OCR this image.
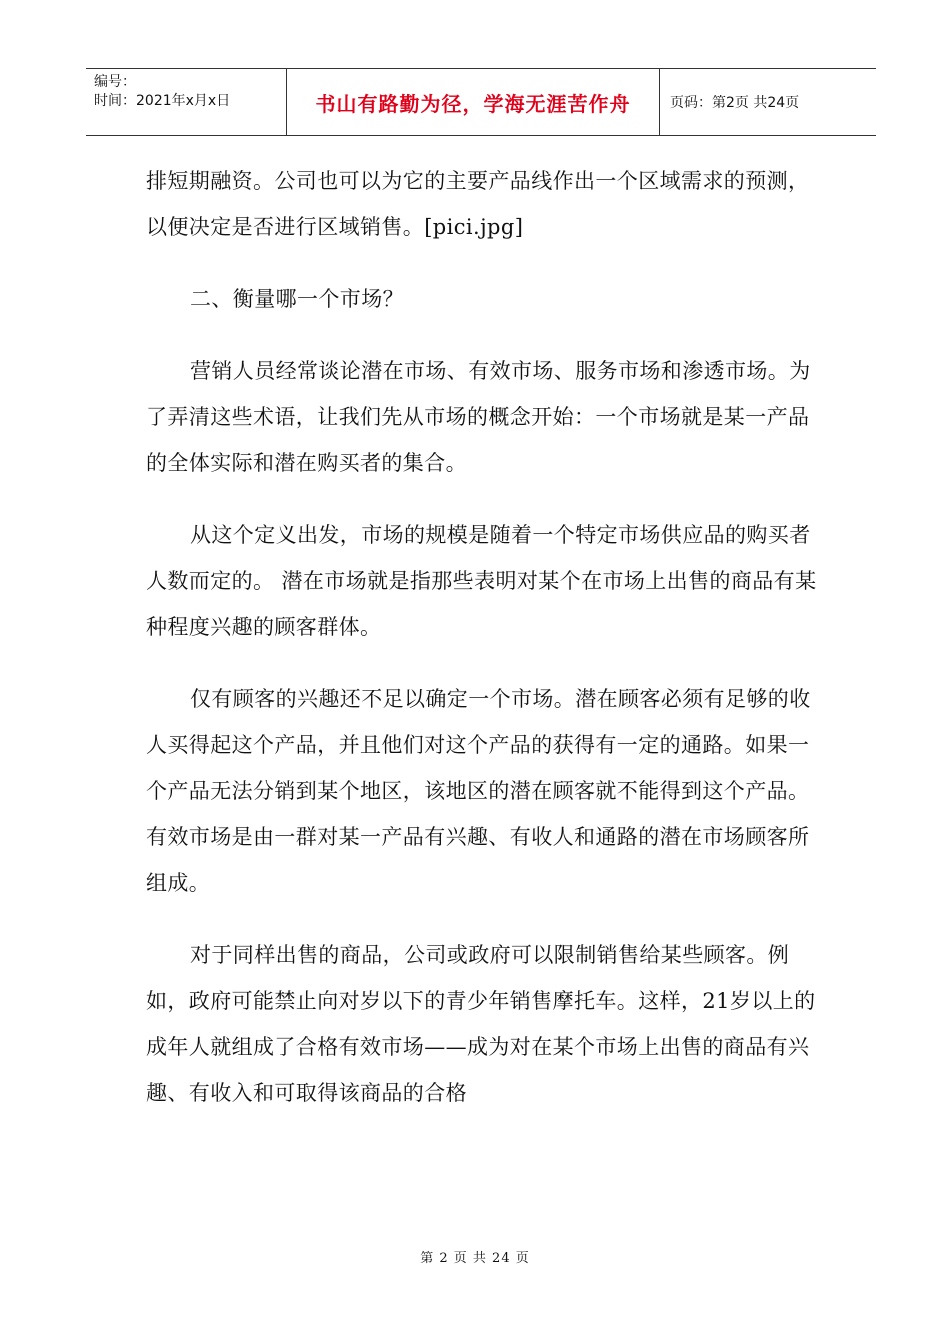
编号：
时间：2021年x月x日	书山有路勤为径，学海无涯苦作舟	页码：第2页 共24页

排短期融资。公司也可以为它的主要产品线作出一个区域需求的预测，以便决定是否进行区域销售。[pici.jpg]

二、衡量哪一个市场？

营销人员经常谈论潜在市场、有效市场、服务市场和渗透市场。为了弄清这些术语，让我们先从市场的概念开始：一个市场就是某一产品的全体实际和潜在购买者的集合。

从这个定义出发，市场的规模是随着一个特定市场供应品的购买者人数而定的。 潜在市场就是指那些表明对某个在市场上出售的商品有某种程度兴趣的顾客群体。

仅有顾客的兴趣还不足以确定一个市场。潜在顾客必须有足够的收人买得起这个产品，并且他们对这个产品的获得有一定的通路。如果一个产品无法分销到某个地区，该地区的潜在顾客就不能得到这个产品。有效市场是由一群对某一产品有兴趣、有收人和通路的潜在市场顾客所组成。

对于同样出售的商品，公司或政府可以限制销售给某些顾客。例如，政府可能禁止向对岁以下的青少年销售摩托车。这样，21岁以上的成年人就组成了合格有效市场——成为对在某个市场上出售的商品有兴趣、有收入和可取得该商品的合格

第 2 页 共 24 页
